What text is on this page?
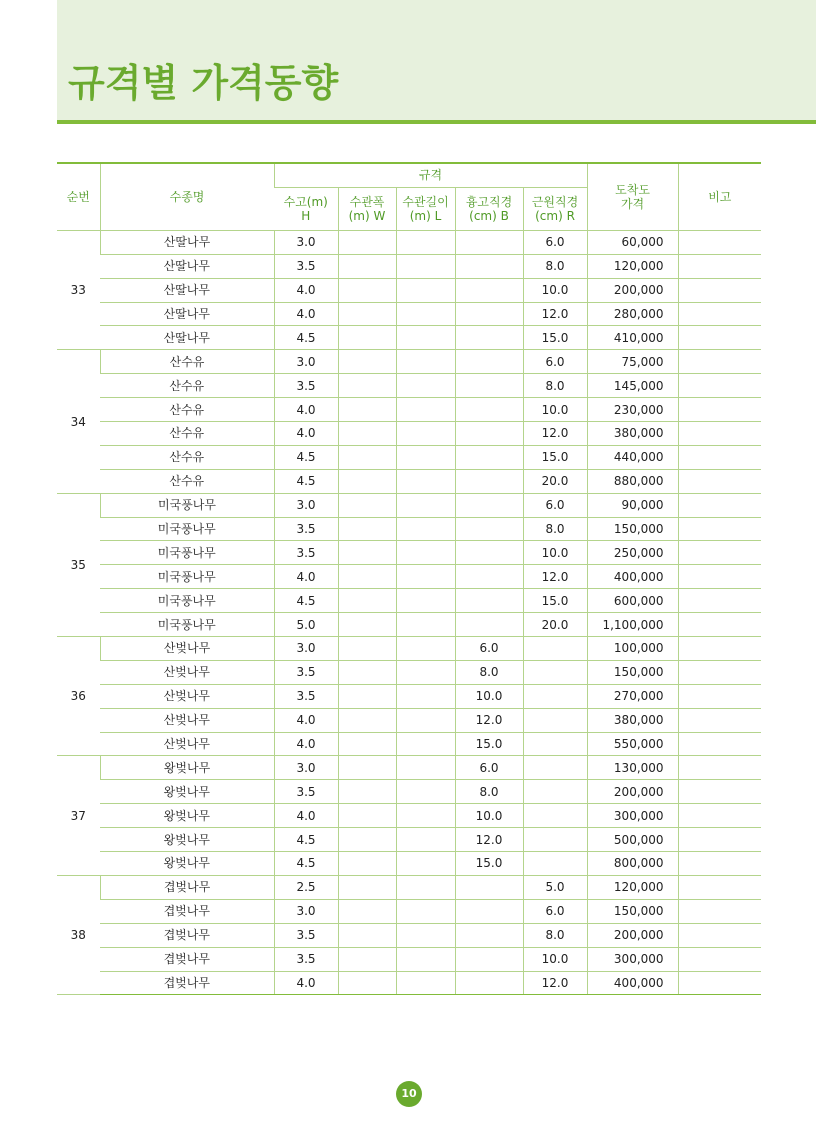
규격별 가격동향
순번	수종명	규격					도착도 가격	비고
		수고(m) H	수관폭 (m) W	수관길이 (m) L	흉고직경 (cm) B	근원직경 (cm) R		
33	산딸나무	3.0				6.0	60,000	
	산딸나무	3.5				8.0	120,000	
	산딸나무	4.0				10.0	200,000	
	산딸나무	4.0				12.0	280,000	
	산딸나무	4.5				15.0	410,000	
34	산수유	3.0				6.0	75,000	
	산수유	3.5				8.0	145,000	
	산수유	4.0				10.0	230,000	
	산수유	4.0				12.0	380,000	
	산수유	4.5				15.0	440,000	
	산수유	4.5				20.0	880,000	
35	미국풍나무	3.0				6.0	90,000	
	미국풍나무	3.5				8.0	150,000	
	미국풍나무	3.5				10.0	250,000	
	미국풍나무	4.0				12.0	400,000	
	미국풍나무	4.5				15.0	600,000	
	미국풍나무	5.0				20.0	1,100,000	
36	산벚나무	3.0			6.0		100,000	
	산벚나무	3.5			8.0		150,000	
	산벚나무	3.5			10.0		270,000	
	산벚나무	4.0			12.0		380,000	
	산벚나무	4.0			15.0		550,000	
37	왕벚나무	3.0			6.0		130,000	
	왕벚나무	3.5			8.0		200,000	
	왕벚나무	4.0			10.0		300,000	
	왕벚나무	4.5			12.0		500,000	
	왕벚나무	4.5			15.0		800,000	
38	겹벚나무	2.5				5.0	120,000	
	겹벚나무	3.0				6.0	150,000	
	겹벚나무	3.5				8.0	200,000	
	겹벚나무	3.5				10.0	300,000	
	겹벚나무	4.0				12.0	400,000	
10
